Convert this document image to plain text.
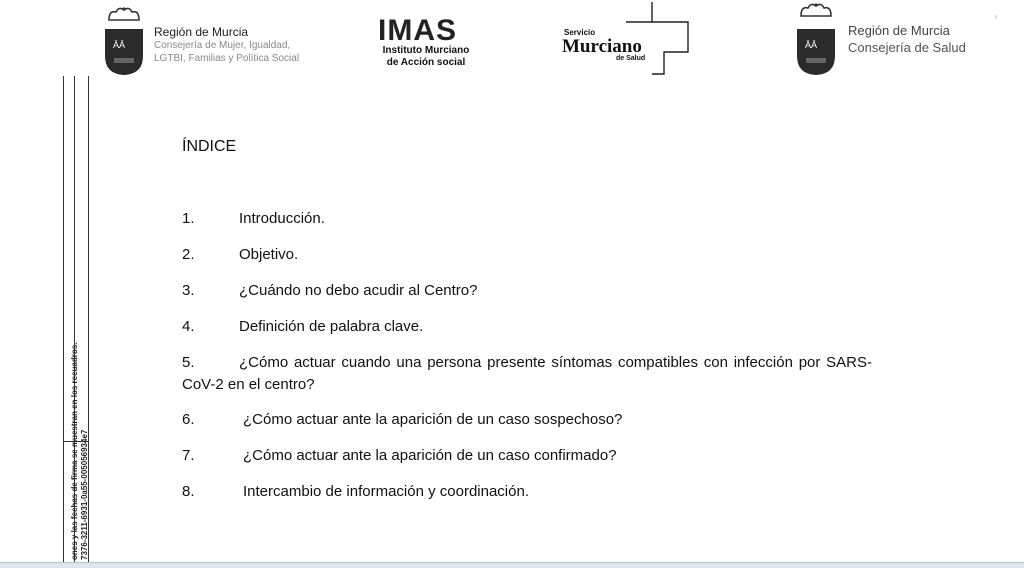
ĀĀ
Región de Murcia
Consejería de Mujer, Igualdad,
LGTBI, Familias y Política Social
IMAS
Instituto Murciano
de Acción social
Servicio
Murciano
de Salud
ĀĀ
Región de Murcia
Consejería de Salud
ı
ones y las fechas de firma se muestran en los recuadros. 7376-3211-6931-0a55-005056934e7
ÍNDICE
1.	Introducción.
2.	Objetivo.
3.	¿Cuándo no debo acudir al Centro?
4.	Definición de palabra clave.
5.	¿Cómo actuar cuando una persona presente síntomas compatibles con infección por SARS-CoV-2 en el centro?
6.	¿Cómo actuar ante la aparición de un caso sospechoso?
7.	¿Cómo actuar ante la aparición de un caso confirmado?
8.	Intercambio de información y coordinación.
